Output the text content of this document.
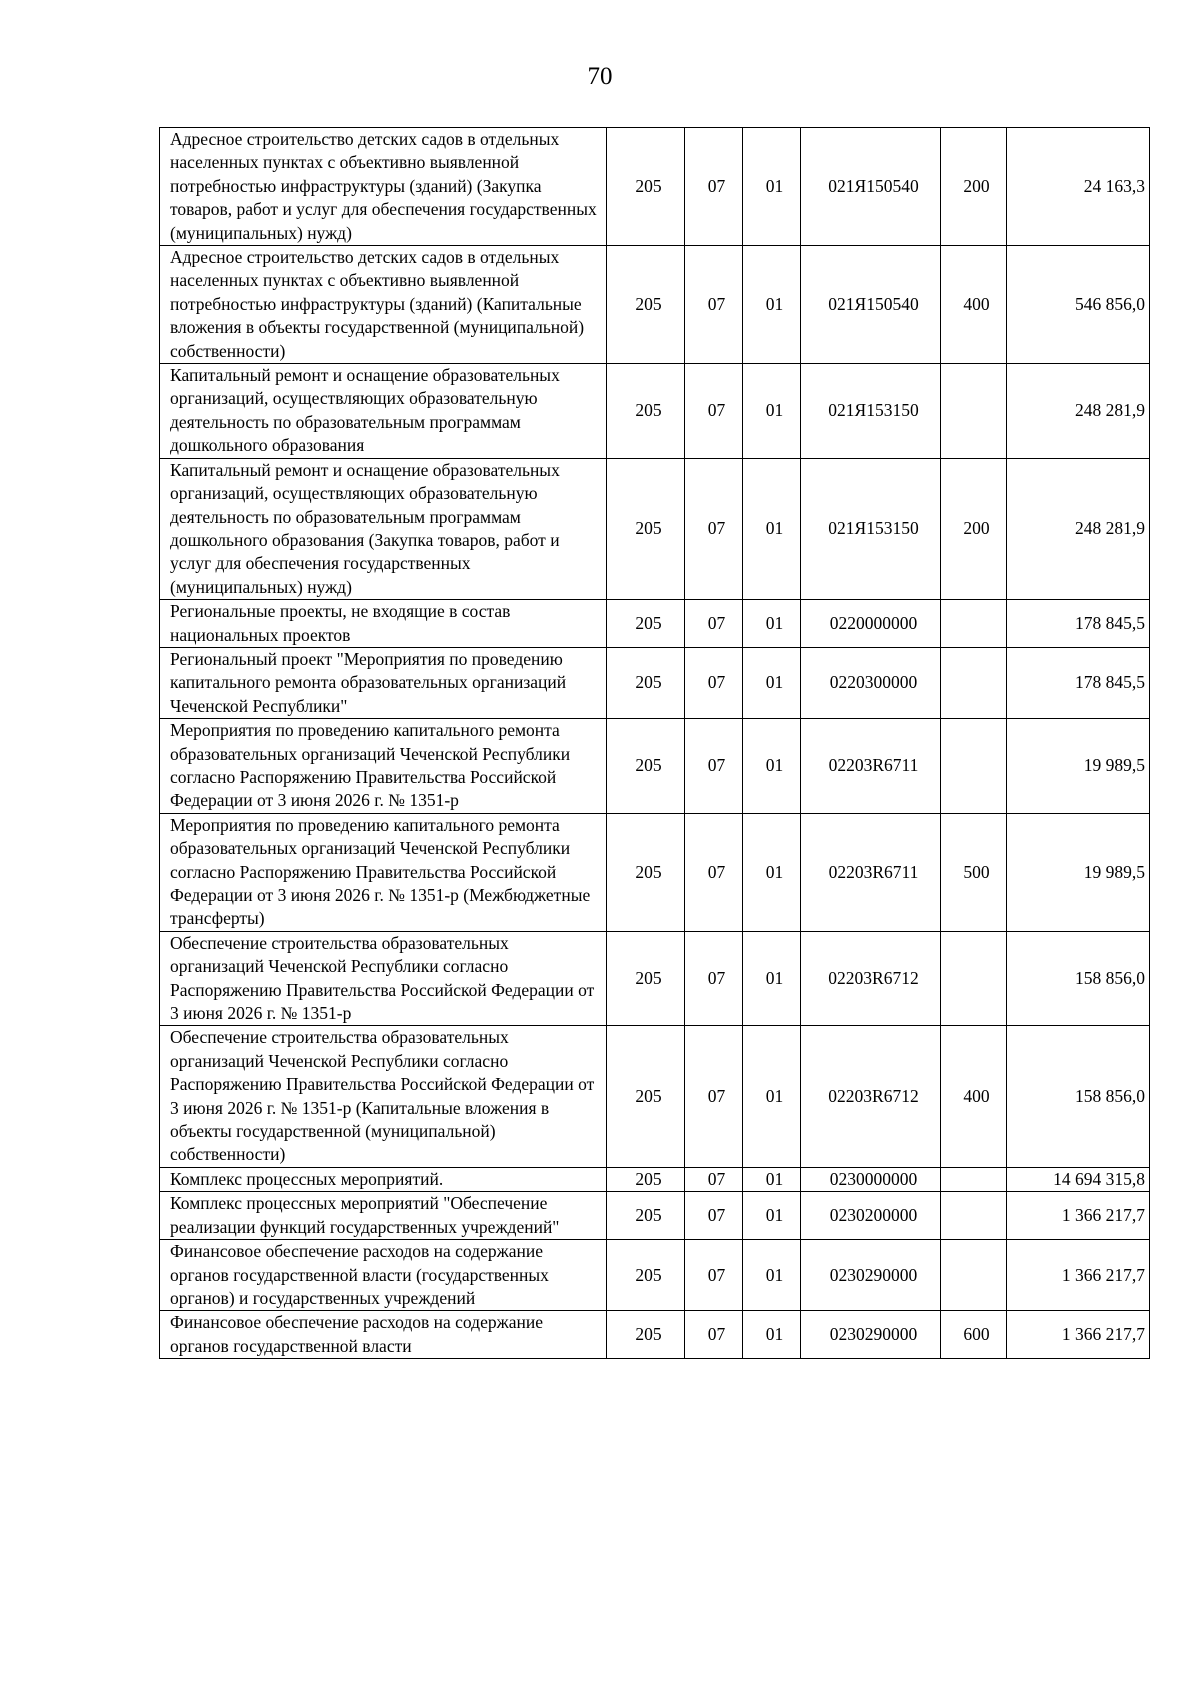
70
Адресное строительство детских садов в отдельных населенных пунктах с объективно выявленной потребностью инфраструктуры (зданий) (Закупка товаров, работ и услуг для обеспечения государственных (муниципальных) нужд)	205	07	01	021Я150540	200	24 163,3
Адресное строительство детских садов в отдельных населенных пунктах с объективно выявленной потребностью инфраструктуры (зданий) (Капитальные вложения в объекты государственной (муниципальной) собственности)	205	07	01	021Я150540	400	546 856,0
Капитальный ремонт и оснащение образовательных организаций, осуществляющих образовательную деятельность по образовательным программам дошкольного образования	205	07	01	021Я153150		248 281,9
Капитальный ремонт и оснащение образовательных организаций, осуществляющих образовательную деятельность по образовательным программам дошкольного образования (Закупка товаров, работ и услуг для обеспечения государственных (муниципальных) нужд)	205	07	01	021Я153150	200	248 281,9
Региональные проекты, не входящие в состав национальных проектов	205	07	01	0220000000		178 845,5
Региональный проект "Мероприятия по проведению капитального ремонта образовательных организаций Чеченской Республики"	205	07	01	0220300000		178 845,5
Мероприятия по проведению капитального ремонта образовательных организаций Чеченской Республики согласно Распоряжению Правительства Российской Федерации от 3 июня 2026 г. № 1351-р	205	07	01	02203R6711		19 989,5
Мероприятия по проведению капитального ремонта образовательных организаций Чеченской Республики согласно Распоряжению Правительства Российской Федерации от 3 июня 2026 г. № 1351-р (Межбюджетные трансферты)	205	07	01	02203R6711	500	19 989,5
Обеспечение строительства образовательных организаций Чеченской Республики согласно Распоряжению Правительства Российской Федерации от 3 июня 2026 г. № 1351-р	205	07	01	02203R6712		158 856,0
Обеспечение строительства образовательных организаций Чеченской Республики согласно Распоряжению Правительства Российской Федерации от 3 июня 2026 г. № 1351-р (Капитальные вложения в объекты государственной (муниципальной) собственности)	205	07	01	02203R6712	400	158 856,0
Комплекс процессных мероприятий.	205	07	01	0230000000		14 694 315,8
Комплекс процессных мероприятий "Обеспечение реализации функций государственных учреждений"	205	07	01	0230200000		1 366 217,7
Финансовое обеспечение расходов на содержание органов государственной власти (государственных органов) и государственных учреждений	205	07	01	0230290000		1 366 217,7
Финансовое обеспечение расходов на содержание органов государственной власти	205	07	01	0230290000	600	1 366 217,7
